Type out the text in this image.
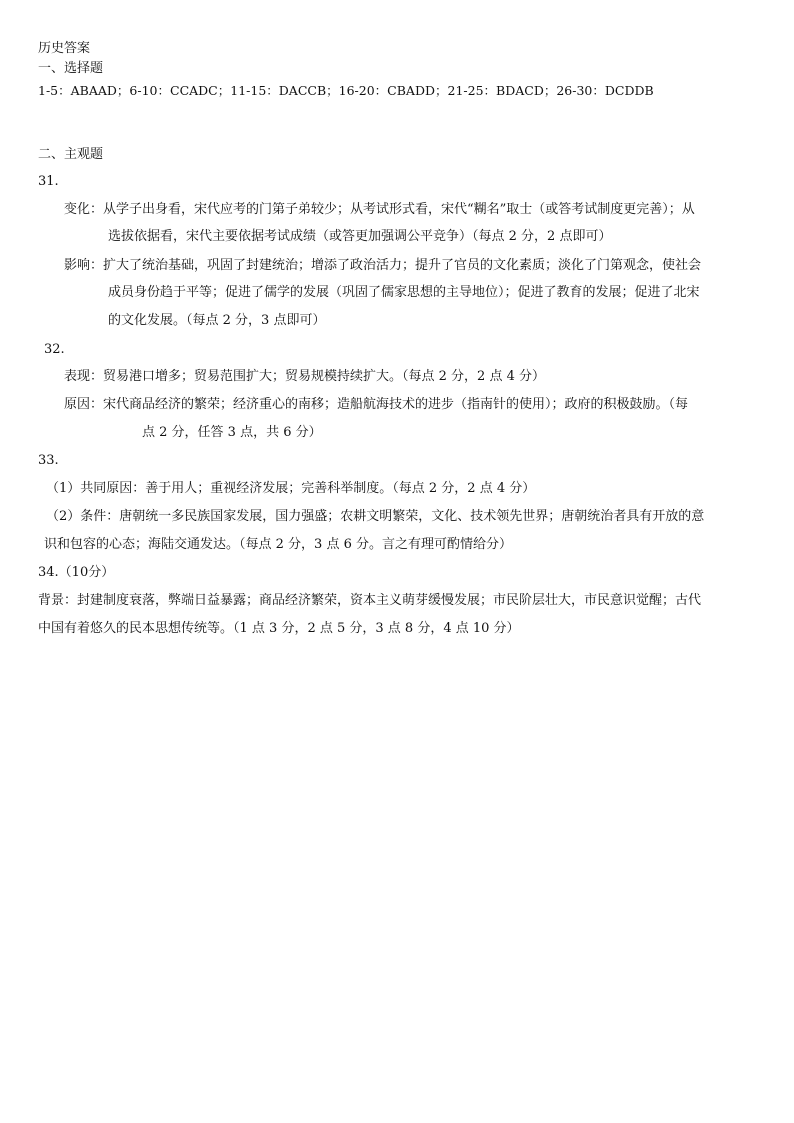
历史答案
一、选择题
1-5：ABAAD；6-10：CCADC；11-15：DACCB；16-20：CBADD；21-25：BDACD；26-30：DCDDB
二、主观题
31.
变化：从学子出身看，宋代应考的门第子弟较少；从考试形式看，宋代“糊名”取士（或答考试制度更完善）；从
选拔依据看，宋代主要依据考试成绩（或答更加强调公平竞争）（每点 2 分，2 点即可）
影响：扩大了统治基础，巩固了封建统治；增添了政治活力；提升了官员的文化素质；淡化了门第观念，使社会
成员身份趋于平等；促进了儒学的发展（巩固了儒家思想的主导地位）；促进了教育的发展；促进了北宋
的文化发展。（每点 2 分，3 点即可）
32.
表现：贸易港口增多；贸易范围扩大；贸易规模持续扩大。（每点 2 分，2 点 4 分）
原因：宋代商品经济的繁荣；经济重心的南移；造船航海技术的进步（指南针的使用）；政府的积极鼓励。（每
点 2 分，任答 3 点，共 6 分）
33.
（1）共同原因：善于用人；重视经济发展；完善科举制度。（每点 2 分，2 点 4 分）
（2）条件：唐朝统一多民族国家发展，国力强盛；农耕文明繁荣，文化、技术领先世界；唐朝统治者具有开放的意
识和包容的心态；海陆交通发达。（每点 2 分，3 点 6 分。言之有理可酌情给分）
34.（10分）
背景：封建制度衰落，弊端日益暴露；商品经济繁荣，资本主义萌芽缓慢发展；市民阶层壮大，市民意识觉醒；古代
中国有着悠久的民本思想传统等。（1 点 3 分，2 点 5 分，3 点 8 分，4 点 10 分）
